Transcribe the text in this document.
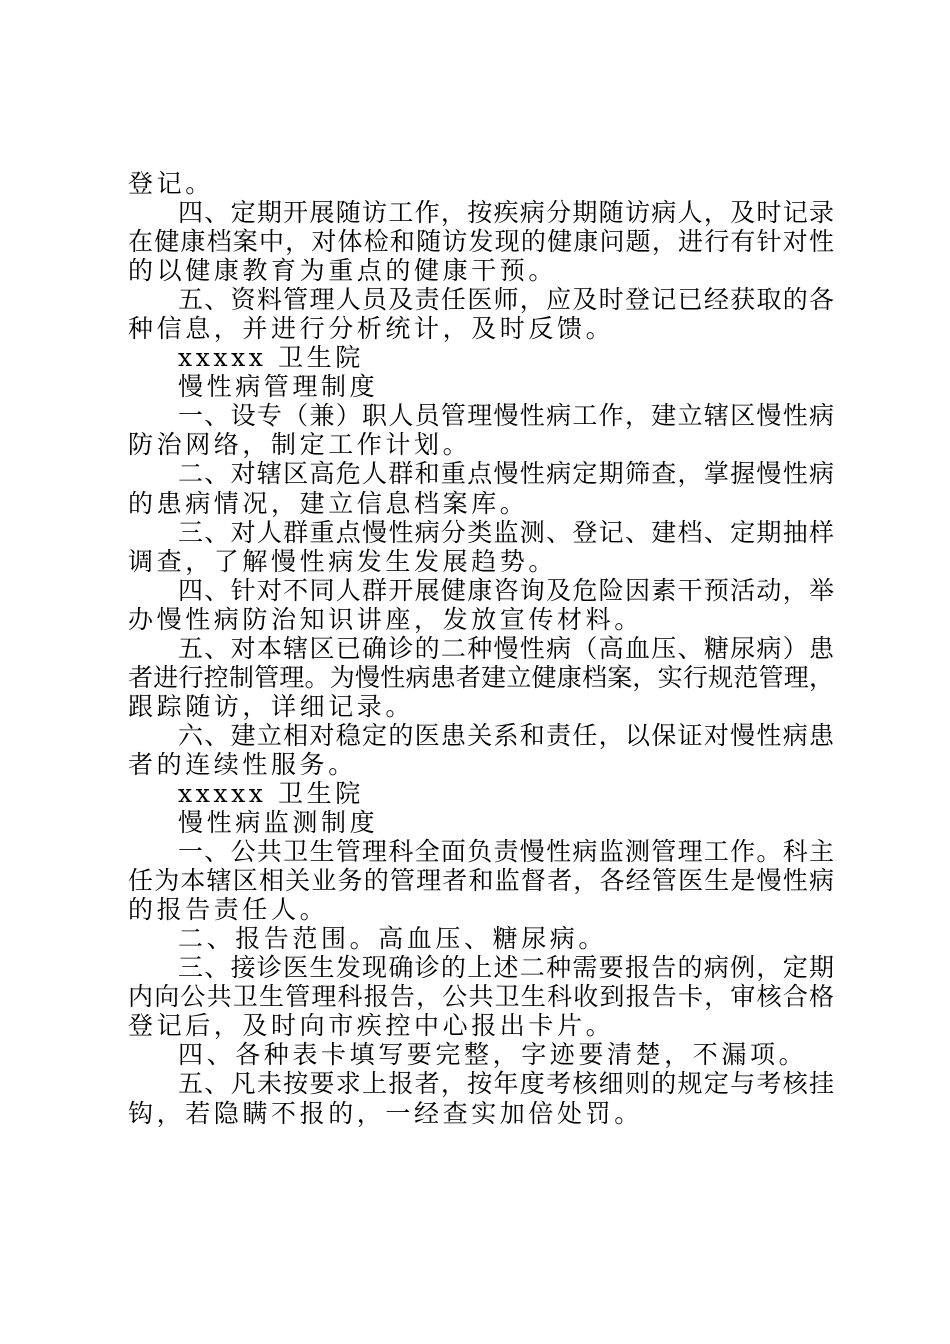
登记。
四、定期开展随访工作，按疾病分期随访病人，及时记录
在健康档案中，对体检和随访发现的健康问题，进行有针对性
的以健康教育为重点的健康干预。
五、资料管理人员及责任医师，应及时登记已经获取的各
种信息，并进行分析统计，及时反馈。
xxxxx 卫生院
慢性病管理制度
一、设专（兼）职人员管理慢性病工作，建立辖区慢性病
防治网络，制定工作计划。
二、对辖区高危人群和重点慢性病定期筛查，掌握慢性病
的患病情况，建立信息档案库。
三、对人群重点慢性病分类监测、登记、建档、定期抽样
调查，了解慢性病发生发展趋势。
四、针对不同人群开展健康咨询及危险因素干预活动，举
办慢性病防治知识讲座，发放宣传材料。
五、对本辖区已确诊的二种慢性病（高血压、糖尿病）患
者进行控制管理。为慢性病患者建立健康档案，实行规范管理，
跟踪随访，详细记录。
六、建立相对稳定的医患关系和责任，以保证对慢性病患
者的连续性服务。
xxxxx 卫生院
慢性病监测制度
一、公共卫生管理科全面负责慢性病监测管理工作。科主
任为本辖区相关业务的管理者和监督者，各经管医生是慢性病
的报告责任人。
二、报告范围。高血压、糖尿病。
三、接诊医生发现确诊的上述二种需要报告的病例，定期
内向公共卫生管理科报告，公共卫生科收到报告卡，审核合格
登记后，及时向市疾控中心报出卡片。
四、各种表卡填写要完整，字迹要清楚，不漏项。
五、凡未按要求上报者，按年度考核细则的规定与考核挂
钩，若隐瞒不报的，一经查实加倍处罚。
